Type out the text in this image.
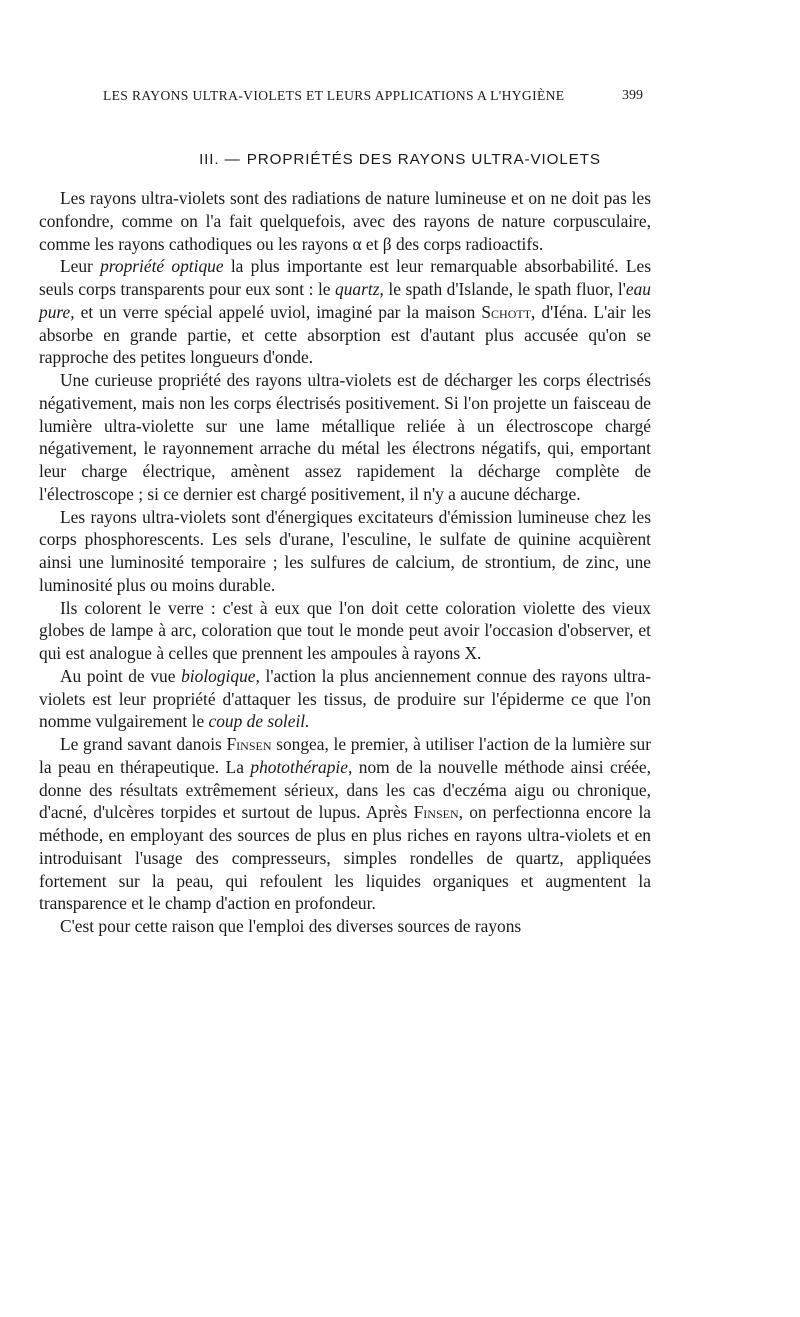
LES RAYONS ULTRA-VIOLETS ET LEURS APPLICATIONS A L'HYGIÈNE	399
III. — PROPRIÉTÉS DES RAYONS ULTRA-VIOLETS

Les rayons ultra-violets sont des radiations de nature lumineuse et on ne doit pas les confondre, comme on l'a fait quelquefois, avec des rayons de nature corpusculaire, comme les rayons cathodiques ou les rayons α et β des corps radioactifs.

Leur propriété optique la plus importante est leur remarquable absorbabilité. Les seuls corps transparents pour eux sont : le quartz, le spath d'Islande, le spath fluor, l'eau pure, et un verre spécial appelé uviol, imaginé par la maison Schott, d'Iéna. L'air les absorbe en grande partie, et cette absorption est d'autant plus accusée qu'on se rapproche des petites longueurs d'onde.

Une curieuse propriété des rayons ultra-violets est de décharger les corps électrisés négativement, mais non les corps électrisés positivement. Si l'on projette un faisceau de lumière ultra-violette sur une lame métallique reliée à un électroscope chargé négativement, le rayonnement arrache du métal les électrons négatifs, qui, emportant leur charge électrique, amènent assez rapidement la décharge complète de l'électroscope ; si ce dernier est chargé positivement, il n'y a aucune décharge.

Les rayons ultra-violets sont d'énergiques excitateurs d'émission lumineuse chez les corps phosphorescents. Les sels d'urane, l'esculine, le sulfate de quinine acquièrent ainsi une luminosité temporaire ; les sulfures de calcium, de strontium, de zinc, une luminosité plus ou moins durable.

Ils colorent le verre : c'est à eux que l'on doit cette coloration violette des vieux globes de lampe à arc, coloration que tout le monde peut avoir l'occasion d'observer, et qui est analogue à celles que prennent les ampoules à rayons X.

Au point de vue biologique, l'action la plus anciennement connue des rayons ultra-violets est leur propriété d'attaquer les tissus, de produire sur l'épiderme ce que l'on nomme vulgairement le coup de soleil.

Le grand savant danois Finsen songea, le premier, à utiliser l'action de la lumière sur la peau en thérapeutique. La photothérapie, nom de la nouvelle méthode ainsi créée, donne des résultats extrêmement sérieux, dans les cas d'eczéma aigu ou chronique, d'acné, d'ulcères torpides et surtout de lupus. Après Finsen, on perfectionna encore la méthode, en employant des sources de plus en plus riches en rayons ultra-violets et en introduisant l'usage des compresseurs, simples rondelles de quartz, appliquées fortement sur la peau, qui refoulent les liquides organiques et augmentent la transparence et le champ d'action en profondeur.

C'est pour cette raison que l'emploi des diverses sources de rayons
